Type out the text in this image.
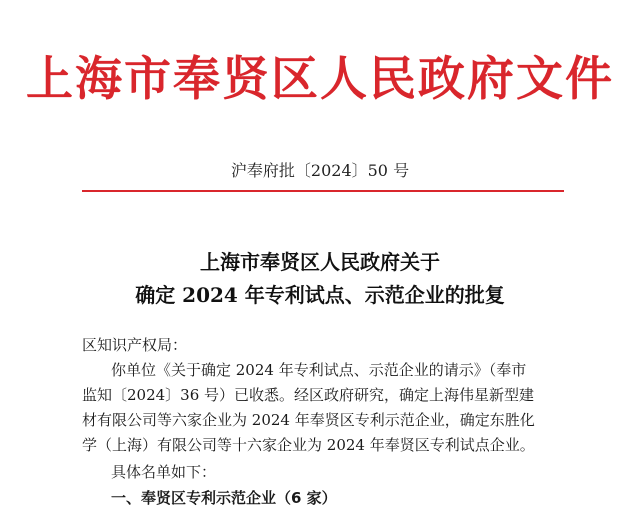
上海市奉贤区人民政府文件
沪奉府批〔2024〕50 号
上海市奉贤区人民政府关于
确定 2024 年专利试点、示范企业的批复
区知识产权局：
你单位《关于确定 2024 年专利试点、示范企业的请示》（奉市
监知〔2024〕36 号）已收悉。经区政府研究，确定上海伟星新型建
材有限公司等六家企业为 2024 年奉贤区专利示范企业，确定东胜化
学（上海）有限公司等十六家企业为 2024 年奉贤区专利试点企业。
具体名单如下：
一、奉贤区专利示范企业（6 家）
